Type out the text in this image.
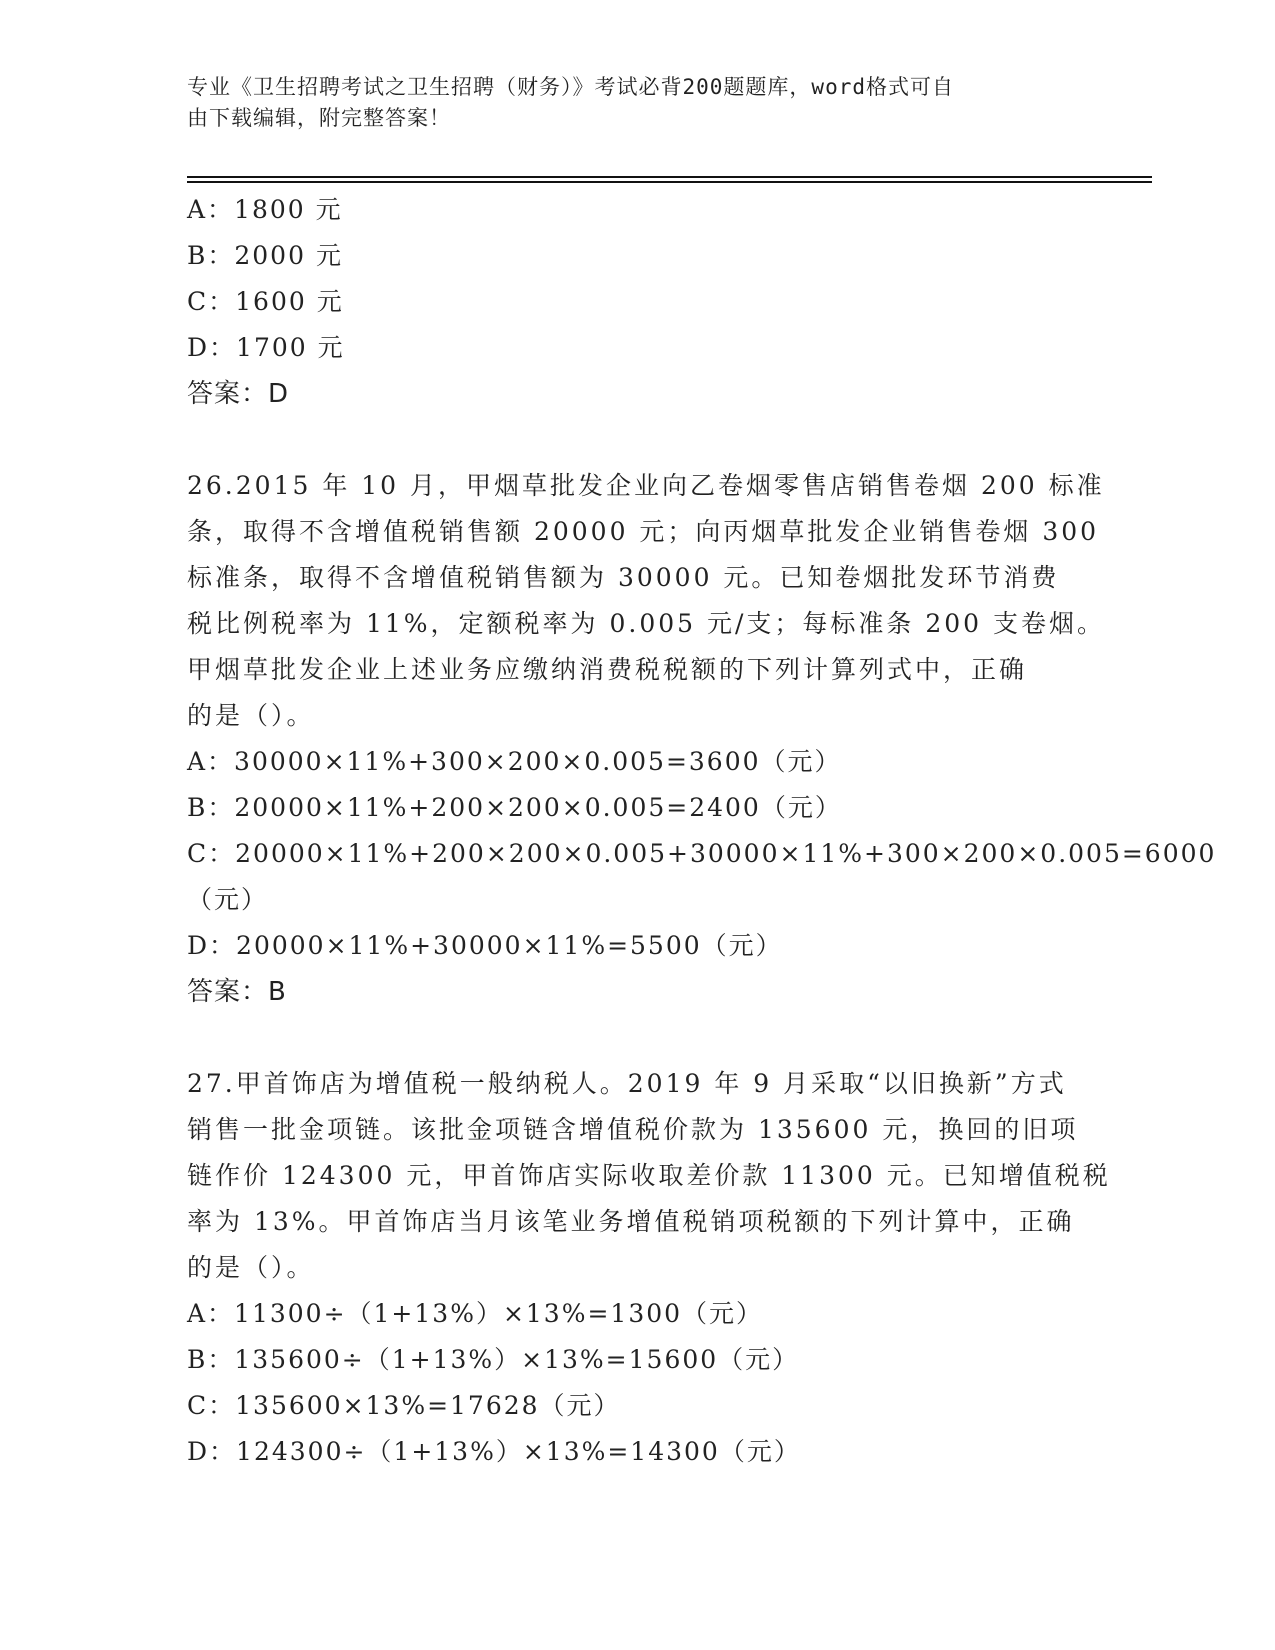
专业《卫生招聘考试之卫生招聘（财务）》考试必背200题题库，word格式可自
由下载编辑，附完整答案！
A：1800 元
B：2000 元
C：1600 元
D：1700 元
答案：D
26.2015 年 10 月，甲烟草批发企业向乙卷烟零售店销售卷烟 200 标准
条，取得不含增值税销售额 20000 元；向丙烟草批发企业销售卷烟 300
标准条，取得不含增值税销售额为 30000 元。已知卷烟批发环节消费
税比例税率为 11%，定额税率为 0.005 元/支；每标准条 200 支卷烟。
甲烟草批发企业上述业务应缴纳消费税税额的下列计算列式中，正确
的是（）。
A：30000×11%+300×200×0.005=3600（元）
B：20000×11%+200×200×0.005=2400（元）
C：20000×11%+200×200×0.005+30000×11%+300×200×0.005=6000
（元）
D：20000×11%+30000×11%=5500（元）
答案：B
27.甲首饰店为增值税一般纳税人。2019 年 9 月采取“以旧换新”方式
销售一批金项链。该批金项链含增值税价款为 135600 元，换回的旧项
链作价 124300 元，甲首饰店实际收取差价款 11300 元。已知增值税税
率为 13%。甲首饰店当月该笔业务增值税销项税额的下列计算中，正确
的是（）。
A：11300÷（1+13%）×13%=1300（元）
B：135600÷（1+13%）×13%=15600（元）
C：135600×13%=17628（元）
D：124300÷（1+13%）×13%=14300（元）
